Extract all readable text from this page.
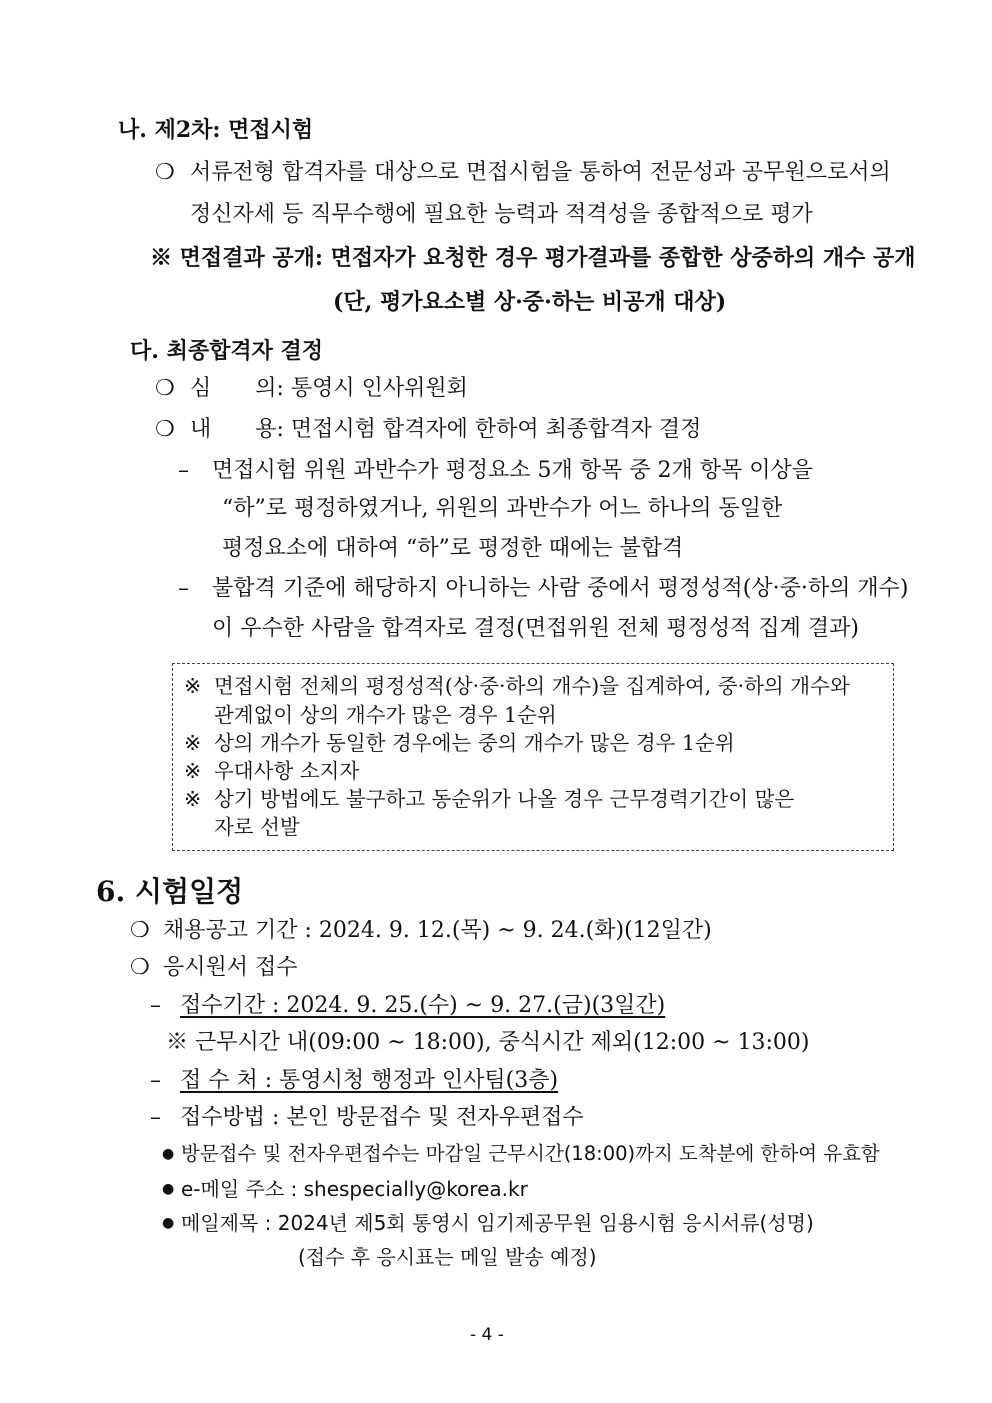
나. 제2차: 면접시험
❍ 서류전형 합격자를 대상으로 면접시험을 통하여 전문성과 공무원으로서의
정신자세 등 직무수행에 필요한 능력과 적격성을 종합적으로 평가
※ 면접결과 공개: 면접자가 요청한 경우 평가결과를 종합한 상중하의 개수 공개
(단, 평가요소별 상·중·하는 비공개 대상)
다. 최종합격자 결정
❍ 심　　의: 통영시 인사위원회
❍ 내　　용: 면접시험 합격자에 한하여 최종합격자 결정
– 면접시험 위원 과반수가 평정요소 5개 항목 중 2개 항목 이상을
“하”로 평정하였거나, 위원의 과반수가 어느 하나의 동일한
평정요소에 대하여 “하”로 평정한 때에는 불합격
– 불합격 기준에 해당하지 아니하는 사람 중에서 평정성적(상·중·하의 개수)
이 우수한 사람을 합격자로 결정(면접위원 전체 평정성적 집계 결과)
※ 면접시험 전체의 평정성적(상·중·하의 개수)을 집계하여, 중·하의 개수와
관계없이 상의 개수가 많은 경우 1순위
※ 상의 개수가 동일한 경우에는 중의 개수가 많은 경우 1순위
※ 우대사항 소지자
※ 상기 방법에도 불구하고 동순위가 나올 경우 근무경력기간이 많은
자로 선발
6. 시험일정
❍ 채용공고 기간 : 2024. 9. 12.(목) ~ 9. 24.(화)(12일간)
❍ 응시원서 접수
– 접수기간 : 2024. 9. 25.(수) ~ 9. 27.(금)(3일간)
※ 근무시간 내(09:00 ~ 18:00), 중식시간 제외(12:00 ~ 13:00)
– 접 수 처 : 통영시청 행정과 인사팀(3층)
– 접수방법 : 본인 방문접수 및 전자우편접수
● 방문접수 및 전자우편접수는 마감일 근무시간(18:00)까지 도착분에 한하여 유효함
● e-메일 주소 : shespecially@korea.kr
● 메일제목 : 2024년 제5회 통영시 임기제공무원 임용시험 응시서류(성명)
(접수 후 응시표는 메일 발송 예정)
- 4 -
